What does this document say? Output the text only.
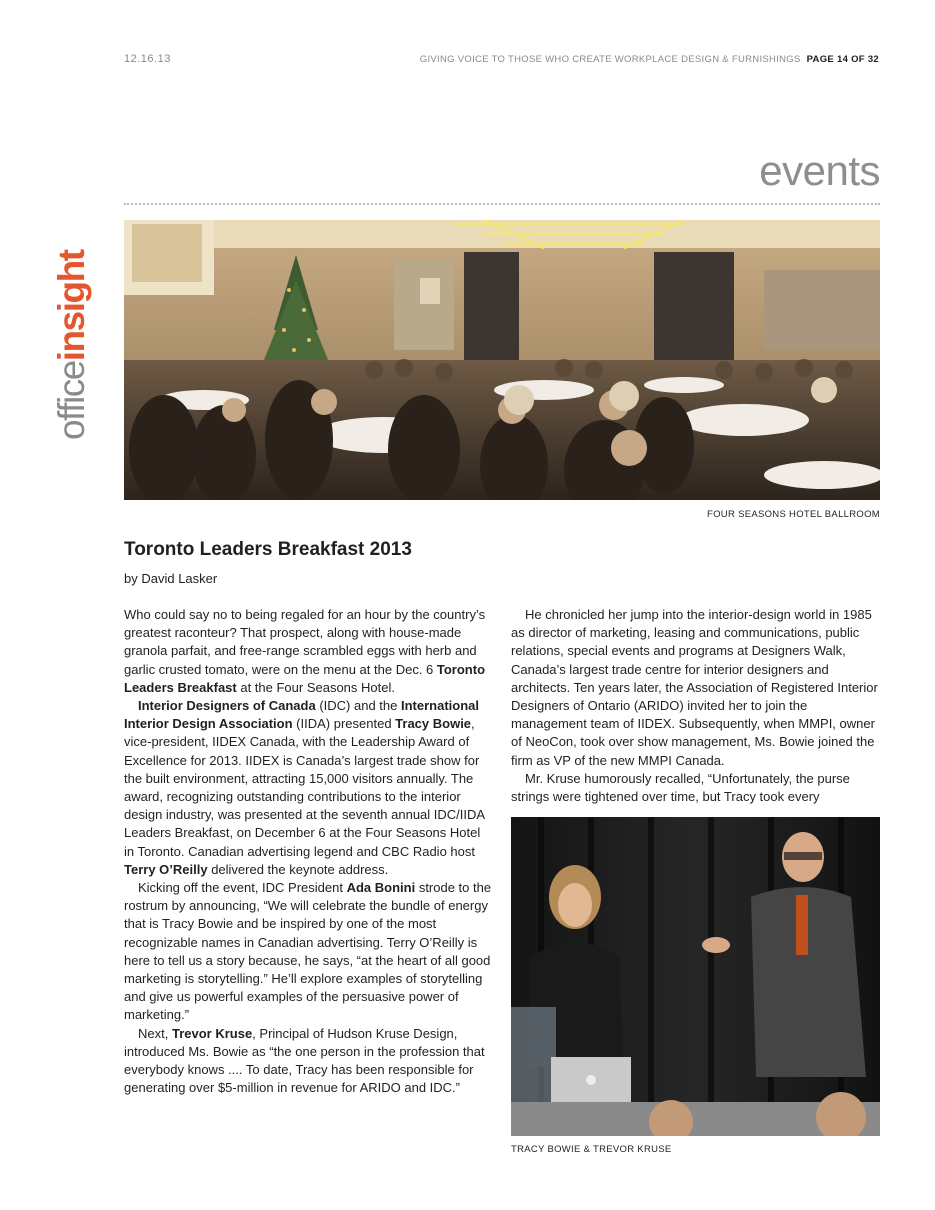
12.16.13	GIVING VOICE TO THOSE WHO CREATE WORKPLACE DESIGN & FURNISHINGS PAGE 14 OF 32
events
officeinsight
FOUR SEASONS HOTEL BALLROOM
Toronto Leaders Breakfast 2013
by David Lasker

Who could say no to being regaled for an hour by the country’s greatest raconteur? That prospect, along with house-made granola parfait, and free-range scrambled eggs with herb and garlic crusted tomato, were on the menu at the Dec. 6 Toronto Leaders Breakfast at the Four Seasons Hotel.

Interior Designers of Canada (IDC) and the International Interior Design Association (IIDA) presented Tracy Bowie, vice-president, IIDEX Canada, with the Leadership Award of Excellence for 2013. IIDEX is Canada’s largest trade show for the built environment, attracting 15,000 visitors annually. The award, recognizing outstanding contributions to the interior design industry, was presented at the seventh annual IDC/IIDA Leaders Breakfast, on December 6 at the Four Seasons Hotel in Toronto. Canadian advertising legend and CBC Radio host Terry O’Reilly delivered the keynote address.

Kicking off the event, IDC President Ada Bonini strode to the rostrum by announcing, “We will celebrate the bundle of energy that is Tracy Bowie and be inspired by one of the most recognizable names in Canadian advertising. Terry O’Reilly is here to tell us a story because, he says, “at the heart of all good marketing is storytelling.” He’ll explore examples of storytelling and give us powerful examples of the persuasive power of marketing.”

Next, Trevor Kruse, Principal of Hudson Kruse Design, introduced Ms. Bowie as “the one person in the profession that everybody knows .... To date, Tracy has been responsible for generating over $5-million in revenue for ARIDO and IDC.”

He chronicled her jump into the interior-design world in 1985 as director of marketing, leasing and communications, public relations, special events and programs at Designers Walk, Canada’s largest trade centre for interior designers and architects. Ten years later, the Association of Registered Interior Designers of Ontario (ARIDO) invited her to join the management team of IIDEX. Subsequently, when MMPI, owner of NeoCon, took over show management, Ms. Bowie joined the firm as VP of the new MMPI Canada.

Mr. Kruse humorously recalled, “Unfortunately, the purse strings were tightened over time, but Tracy took every

TRACY BOWIE & TREVOR KRUSE
